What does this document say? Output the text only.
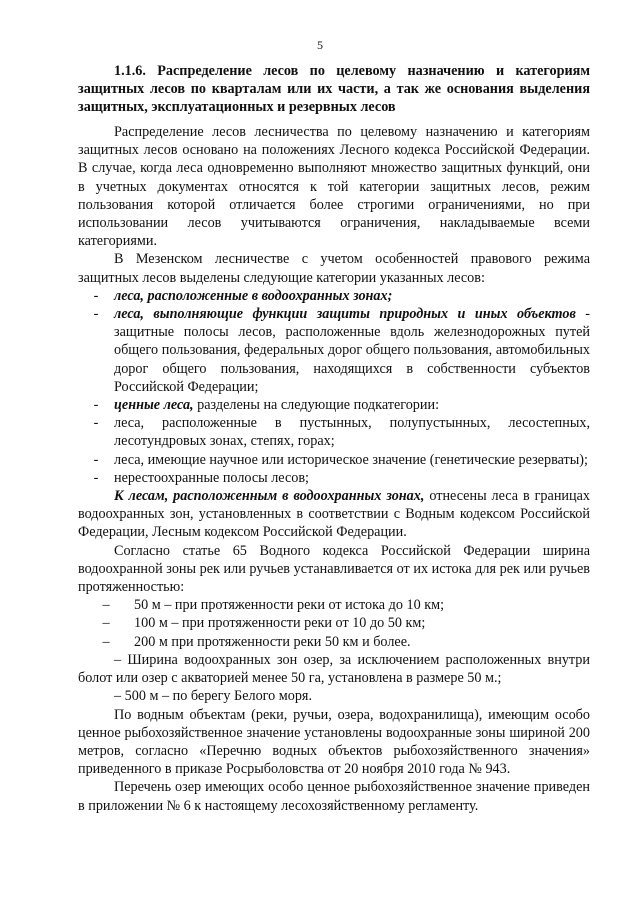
5
1.1.6. Распределение лесов по целевому назначению и категориям защитных лесов по кварталам или их части, а так же основания выделения защитных, эксплуатационных и резервных лесов

Распределение лесов лесничества по целевому назначению и категориям защитных лесов основано на положениях Лесного кодекса Российской Федерации. В случае, когда леса одновременно выполняют множество защитных функций, они в учетных документах относятся к той категории защитных лесов, режим пользования которой отличается более строгими ограничениями, но при использовании лесов учитываются ограничения, накладываемые всеми категориями.

В Мезенском лесничестве с учетом особенностей правового режима защитных лесов выделены следующие категории указанных лесов:

- леса, расположенные в водоохранных зонах;

- леса, выполняющие функции защиты природных и иных объектов - защитные полосы лесов, расположенные вдоль железнодорожных путей общего пользования, федеральных дорог общего пользования, автомобильных дорог общего пользования, находящихся в собственности субъектов Российской Федерации;

- ценные леса, разделены на следующие подкатегории:

- леса, расположенные в пустынных, полупустынных, лесостепных, лесотундровых зонах, степях, горах;

- леса, имеющие научное или историческое значение (генетические резерваты);

- нерестоохранные полосы лесов;

К лесам, расположенным в водоохранных зонах, отнесены леса в границах водоохранных зон, установленных в соответствии с Водным кодексом Российской Федерации, Лесным кодексом Российской Федерации.

Согласно статье 65 Водного кодекса Российской Федерации ширина водоохранной зоны рек или ручьев устанавливается от их истока для рек или ручьев протяженностью:

– 50 м – при протяженности реки от истока до 10 км;

– 100 м – при протяженности реки от 10 до 50 км;

– 200 м при протяженности реки 50 км и более.

– Ширина водоохранных зон озер, за исключением расположенных внутри болот или озер с акваторией менее 50 га, установлена в размере 50 м.;

– 500 м – по берегу Белого моря.

По водным объектам (реки, ручьи, озера, водохранилища), имеющим особо ценное рыбохозяйственное значение установлены водоохранные зоны шириной 200 метров, согласно «Перечню водных объектов рыбохозяйственного значения» приведенного в приказе Росрыболовства от 20 ноября 2010 года № 943.

Перечень озер имеющих особо ценное рыбохозяйственное значение приведен в приложении № 6 к настоящему лесохозяйственному регламенту.
